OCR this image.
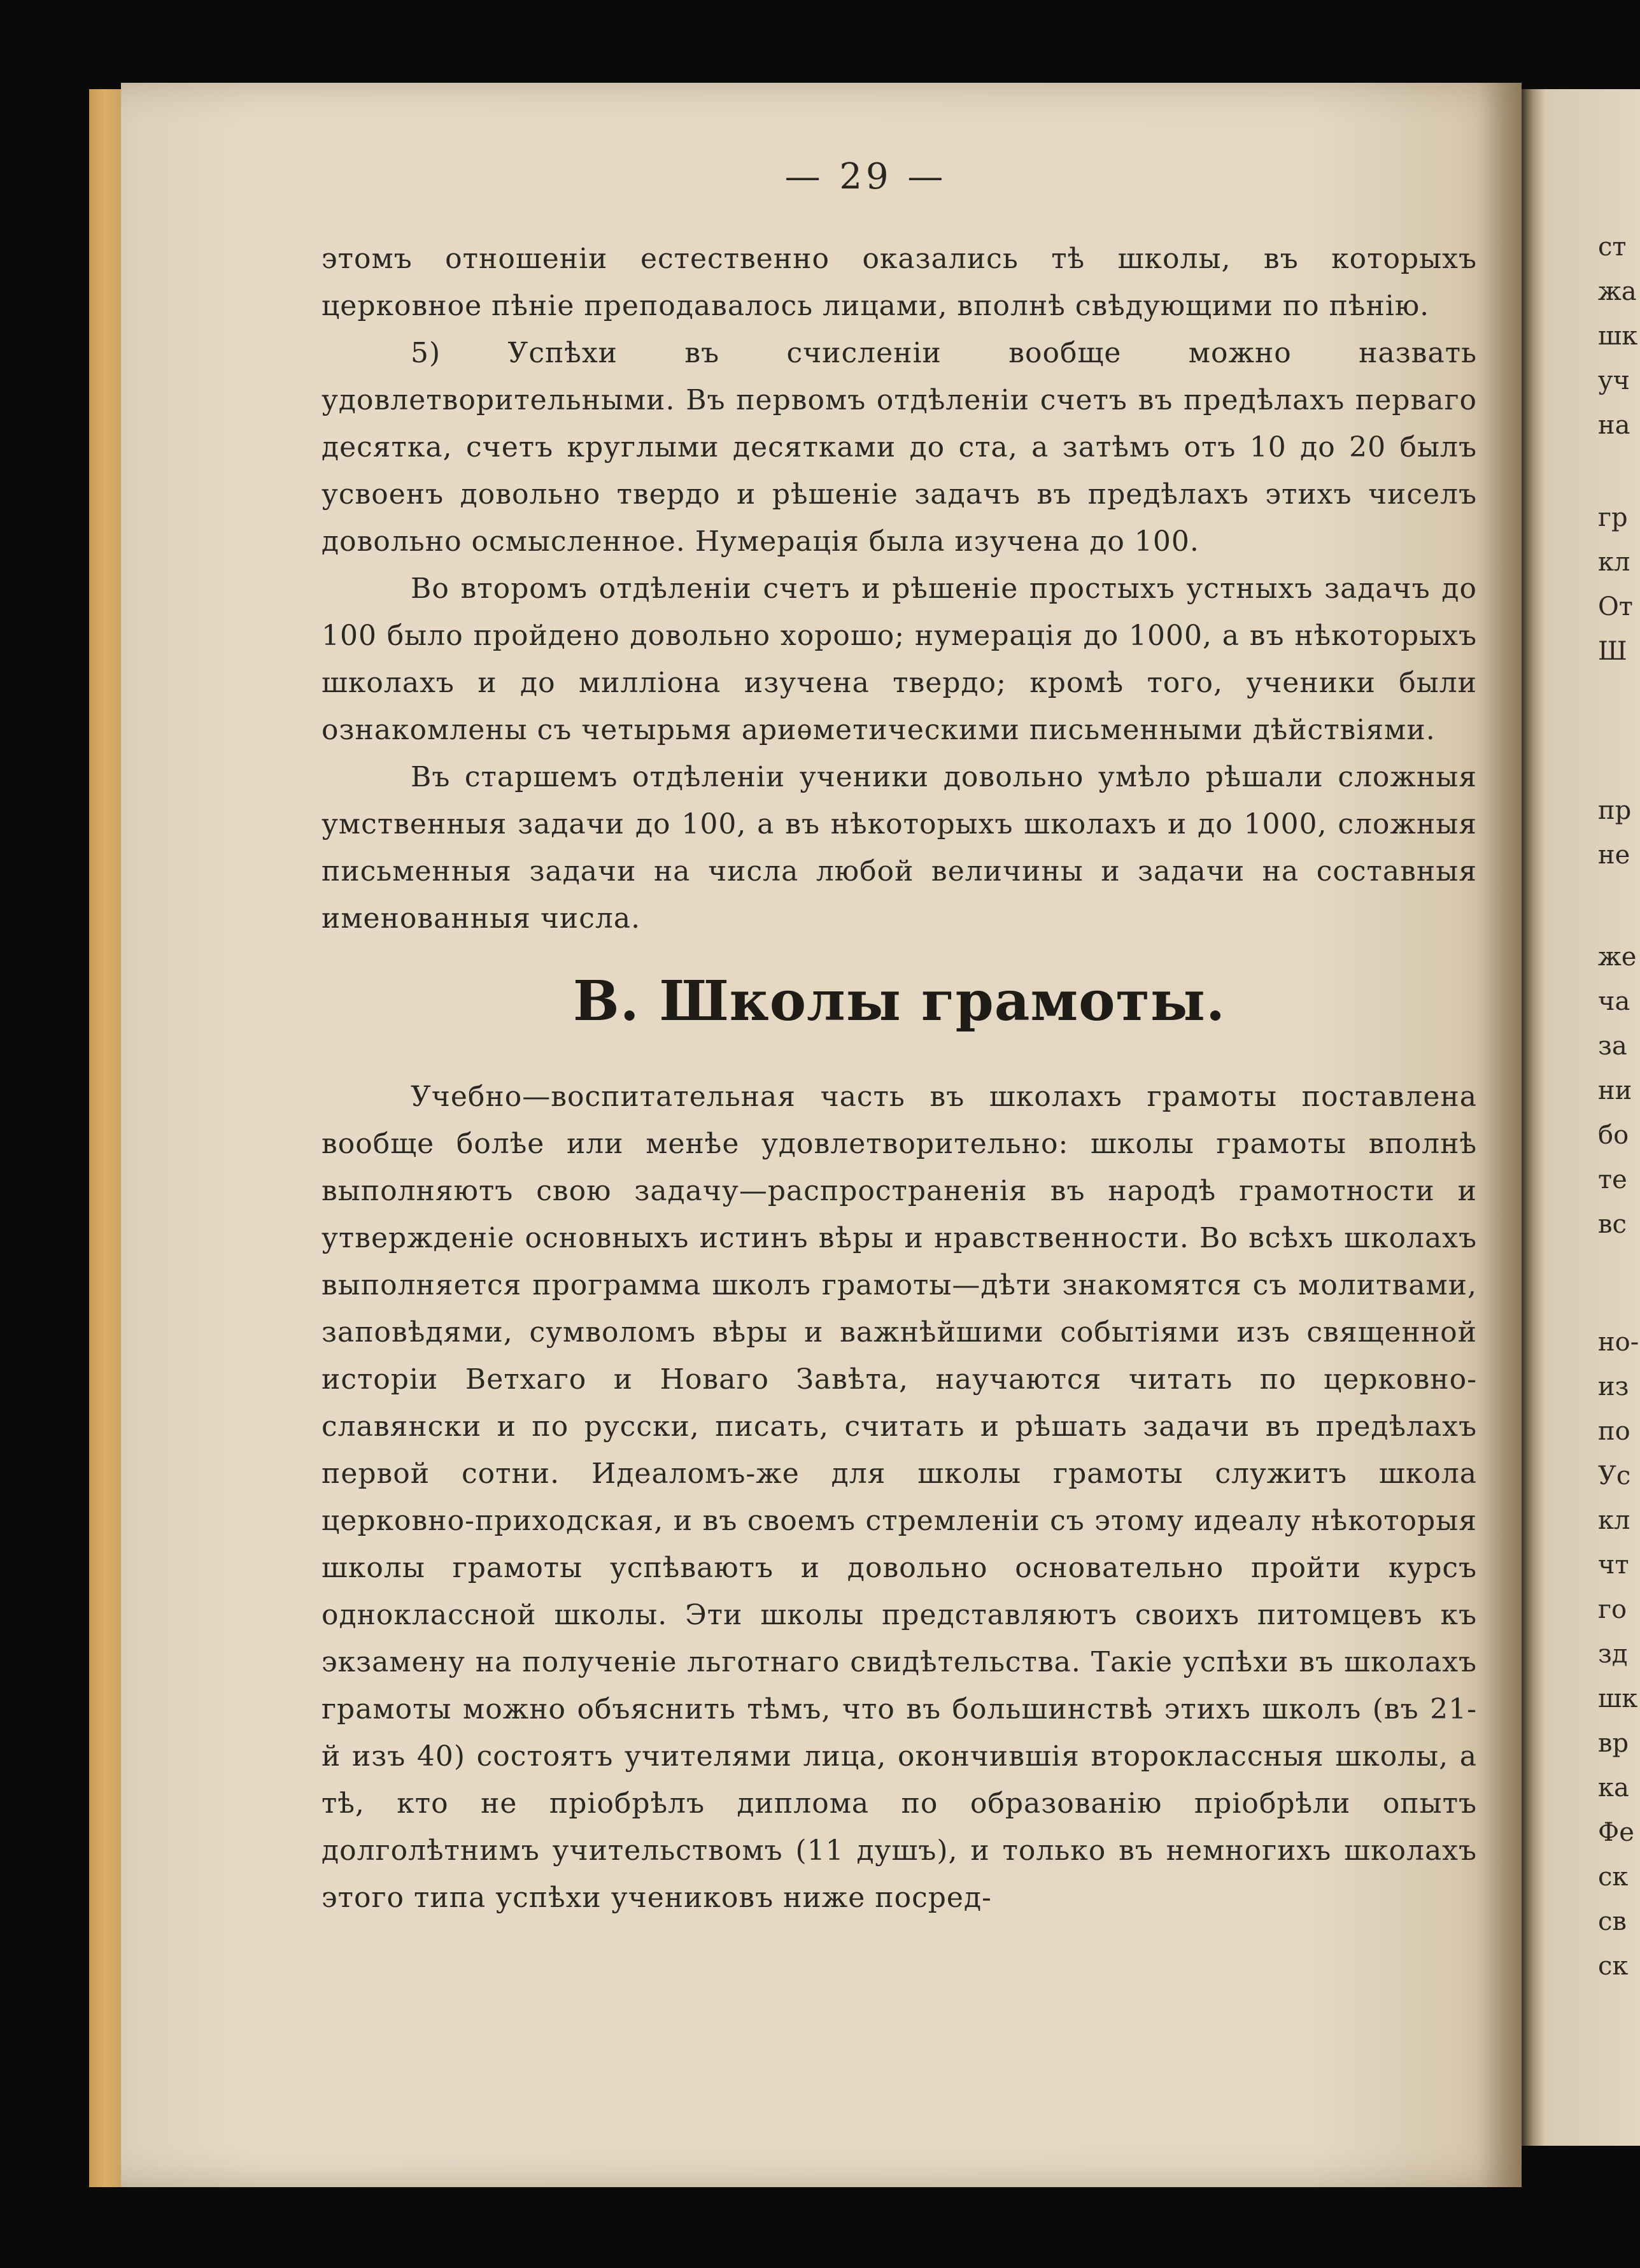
— 29 —

этомъ отношеніи естественно оказались тѣ школы, въ которыхъ церковное пѣніе преподавалось лицами, вполнѣ свѣдующими по пѣнію.

5) Успѣхи въ счисленіи вообще можно назвать удовлетворительными. Въ первомъ отдѣленіи счетъ въ предѣлахъ перваго десятка, счетъ круглыми десятками до ста, а затѣмъ отъ 10 до 20 былъ усвоенъ довольно твердо и рѣшеніе задачъ въ предѣлахъ этихъ чиселъ довольно осмысленное. Нумерація была изучена до 100.

Во второмъ отдѣленіи счетъ и рѣшеніе простыхъ устныхъ задачъ до 100 было пройдено довольно хорошо; нумерація до 1000, а въ нѣкоторыхъ школахъ и до милліона изучена твердо; кромѣ того, ученики были ознакомлены съ четырьмя ариѳметическими письменными дѣйствіями.

Въ старшемъ отдѣленіи ученики довольно умѣло рѣшали сложныя умственныя задачи до 100, а въ нѣкоторыхъ школахъ и до 1000, сложныя письменныя задачи на числа любой величины и задачи на составныя именованныя числа.

В. Школы грамоты.

Учебно—воспитательная часть въ школахъ грамоты поставлена вообще болѣе или менѣе удовлетворительно: школы грамоты вполнѣ выполняютъ свою задачу—распространенія въ народѣ грамотности и утвержденіе основныхъ истинъ вѣры и нравственности. Во всѣхъ школахъ выполняется программа школъ грамоты—дѣти знакомятся съ молитвами, заповѣдями, сумволомъ вѣры и важнѣйшими событіями изъ священной исторіи Ветхаго и Новаго Завѣта, научаются читать по церковно-славянски и по русски, писать, считать и рѣшать задачи въ предѣлахъ первой сотни. Идеаломъ-же для школы грамоты служитъ школа церковно-приходская, и въ своемъ стремленіи съ этому идеалу нѣкоторыя школы грамоты успѣваютъ и довольно основательно пройти курсъ одноклассной школы. Эти школы представляютъ своихъ питомцевъ къ экзамену на полученіе льготнаго свидѣтельства. Такіе успѣхи въ школахъ грамоты можно объяснить тѣмъ, что въ большинствѣ этихъ школъ (въ 21-й изъ 40) состоятъ учителями лица, окончившія второклассныя школы, а тѣ, кто не пріобрѣлъ диплома по образованію пріобрѣли опытъ долголѣтнимъ учительствомъ (11 душъ), и только въ немногихъ школахъ этого типа успѣхи учениковъ ниже посред-

ст
жа
шк
уч
на
гр
кл
От
Ш
пр
не
же
ча
за
ни
бо
те
вс
но-
из
по
Ус
кл
чт
го
зд
шк
вр
ка
Фе
ск
св
ск
